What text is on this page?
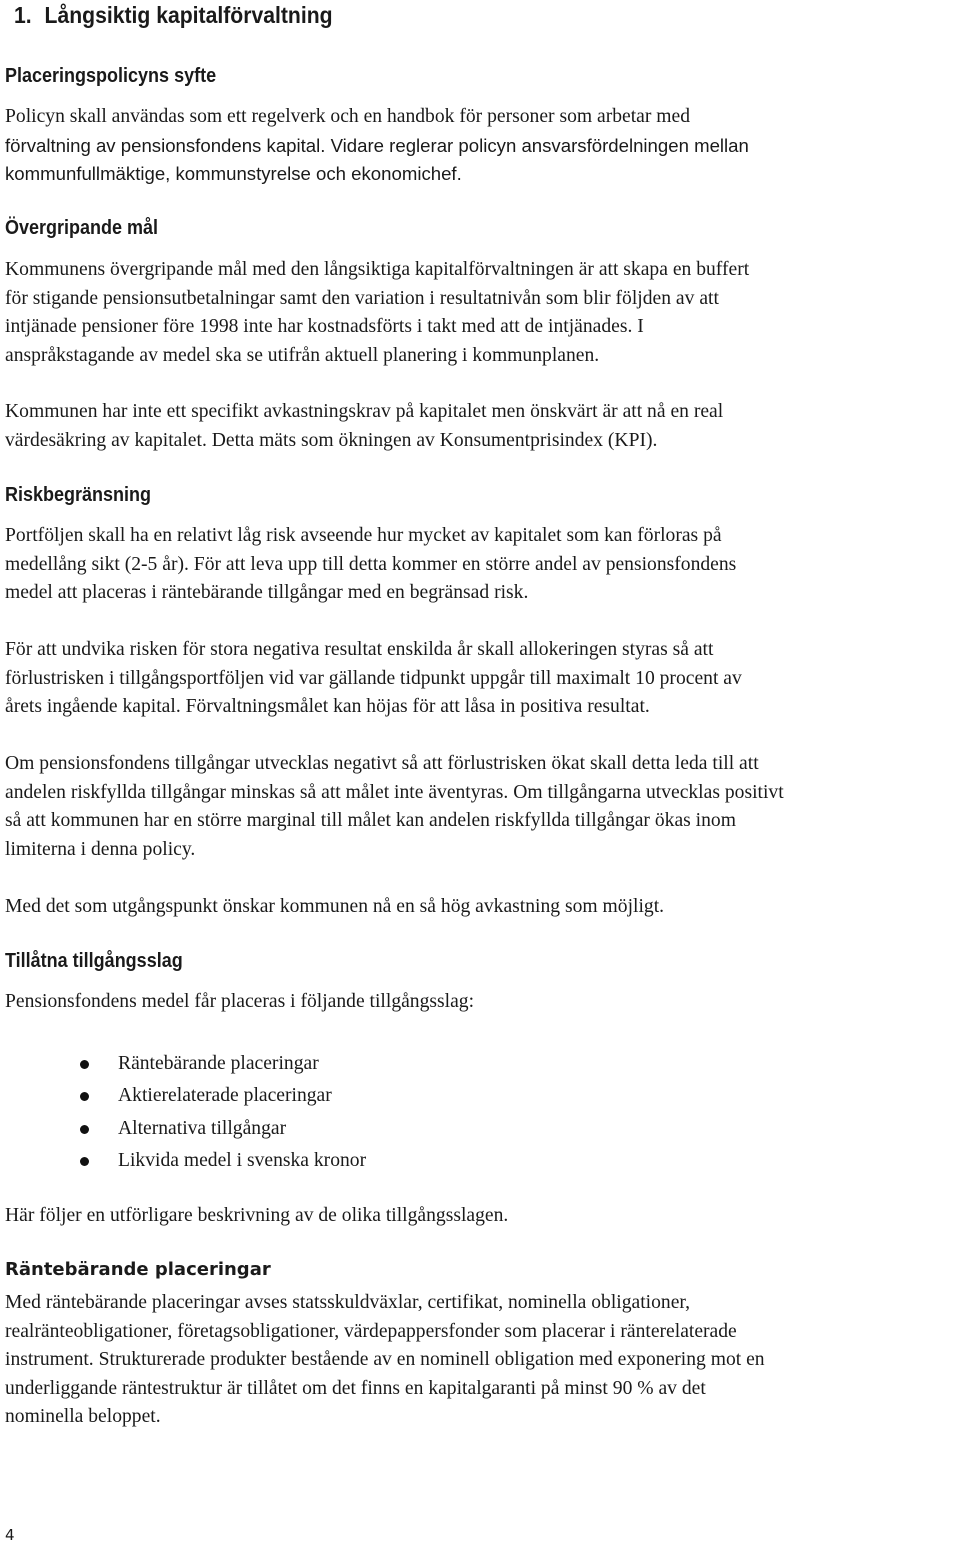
1. Långsiktig kapitalförvaltning
Placeringspolicyns syfte

Policyn skall användas som ett regelverk och en handbok för personer som arbetar med
förvaltning av pensionsfondens kapital. Vidare reglerar policyn ansvarsfördelningen mellan
kommunfullmäktige, kommunstyrelse och ekonomichef.

Övergripande mål

Kommunens övergripande mål med den långsiktiga kapitalförvaltningen är att skapa en buffert
för stigande pensionsutbetalningar samt den variation i resultatnivån som blir följden av att
intjänade pensioner före 1998 inte har kostnadsförts i takt med att de intjänades. I
anspråkstagande av medel ska se utifrån aktuell planering i kommunplanen.

Kommunen har inte ett specifikt avkastningskrav på kapitalet men önskvärt är att nå en real
värdesäkring av kapitalet. Detta mäts som ökningen av Konsumentprisindex (KPI).

Riskbegränsning

Portföljen skall ha en relativt låg risk avseende hur mycket av kapitalet som kan förloras på
medellång sikt (2-5 år). För att leva upp till detta kommer en större andel av pensionsfondens
medel att placeras i räntebärande tillgångar med en begränsad risk.

För att undvika risken för stora negativa resultat enskilda år skall allokeringen styras så att
förlustrisken i tillgångsportföljen vid var gällande tidpunkt uppgår till maximalt 10 procent av
årets ingående kapital. Förvaltningsmålet kan höjas för att låsa in positiva resultat.

Om pensionsfondens tillgångar utvecklas negativt så att förlustrisken ökat skall detta leda till att
andelen riskfyllda tillgångar minskas så att målet inte äventyras. Om tillgångarna utvecklas positivt
så att kommunen har en större marginal till målet kan andelen riskfyllda tillgångar ökas inom
limiterna i denna policy.

Med det som utgångspunkt önskar kommunen nå en så hög avkastning som möjligt.

Tillåtna tillgångsslag

Pensionsfondens medel får placeras i följande tillgångsslag:

Räntebärande placeringar
Aktierelaterade placeringar
Alternativa tillgångar
Likvida medel i svenska kronor

Här följer en utförligare beskrivning av de olika tillgångsslagen.

Räntebärande placeringar

Med räntebärande placeringar avses statsskuldväxlar, certifikat, nominella obligationer,
realränteobligationer, företagsobligationer, värdepappersfonder som placerar i ränterelaterade
instrument. Strukturerade produkter bestående av en nominell obligation med exponering mot en
underliggande räntestruktur är tillåtet om det finns en kapitalgaranti på minst 90 % av det
nominella beloppet.

4
